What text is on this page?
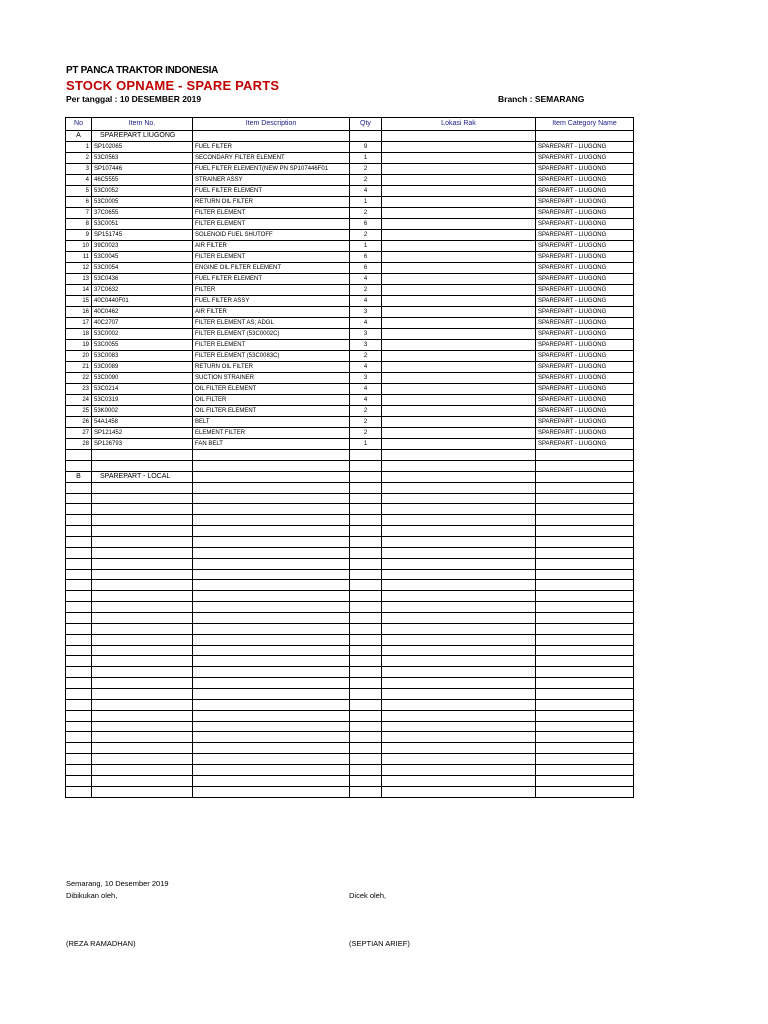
PT PANCA TRAKTOR INDONESIA
STOCK OPNAME - SPARE PARTS
Per tanggal : 10 DESEMBER 2019	Branch : SEMARANG
No	Item No.	Item Description	Qty	Lokasi Rak	Item Category Name
A	SPAREPART LIUGONG				
1	SP102065	FUEL FILTER	9		SPAREPART - LIUGONG
2	53C0563	SECONDARY FILTER ELEMENT	1		SPAREPART - LIUGONG
3	SP107446	FUEL FILTER ELEMENT(NEW PN SP107446F01	2		SPAREPART - LIUGONG
4	46C5555	STRAINER ASSY	2		SPAREPART - LIUGONG
5	53C0052	FUEL FILTER ELEMENT	4		SPAREPART - LIUGONG
6	53C0005	RETURN OIL FILTER	1		SPAREPART - LIUGONG
7	37C0655	FILTER ELEMENT	2		SPAREPART - LIUGONG
8	53C0051	FILTER ELEMENT	6		SPAREPART - LIUGONG
9	SP151745	SOLENOID FUEL SHUTOFF	2		SPAREPART - LIUGONG
10	39C0023	AIR FILTER	1		SPAREPART - LIUGONG
11	53C0045	FILTER ELEMENT	6		SPAREPART - LIUGONG
12	53C0054	ENGINE OIL FILTER ELEMENT	6		SPAREPART - LIUGONG
13	53C0436	FUEL FILTER ELEMENT	4		SPAREPART - LIUGONG
14	37C0632	FILTER	2		SPAREPART - LIUGONG
15	40C0440F01	FUEL FILTER ASSY	4		SPAREPART - LIUGONG
16	40C0462	AIR FILTER	3		SPAREPART - LIUGONG
17	40C2707	FILTER ELEMENT AS; ADGL	4		SPAREPART - LIUGONG
18	53C0002	FILTER ELEMENT (53C0002C)	3		SPAREPART - LIUGONG
19	53C0055	FILTER ELEMENT	3		SPAREPART - LIUGONG
20	53C0083	FILTER ELEMENT (53C0083C)	2		SPAREPART - LIUGONG
21	53C0089	RETURN OIL FILTER	4		SPAREPART - LIUGONG
22	53C0090	SUCTION STRAINER	3		SPAREPART - LIUGONG
23	53C0214	OIL FILTER ELEMENT	4		SPAREPART - LIUGONG
24	53C0319	OIL FILTER	4		SPAREPART - LIUGONG
25	53K0002	OIL FILTER ELEMENT	2		SPAREPART - LIUGONG
26	54A1458	BELT	2		SPAREPART - LIUGONG
27	SP121452	ELEMENT FILTER	2		SPAREPART - LIUGONG
28	SP126793	FAN BELT	1		SPAREPART - LIUGONG

B	SPAREPART - LOCAL				

Semarang, 10 Desember 2019
Dibikukan oleh,	Dicek oleh,
(REZA RAMADHAN)	(SEPTIAN ARIEF)
